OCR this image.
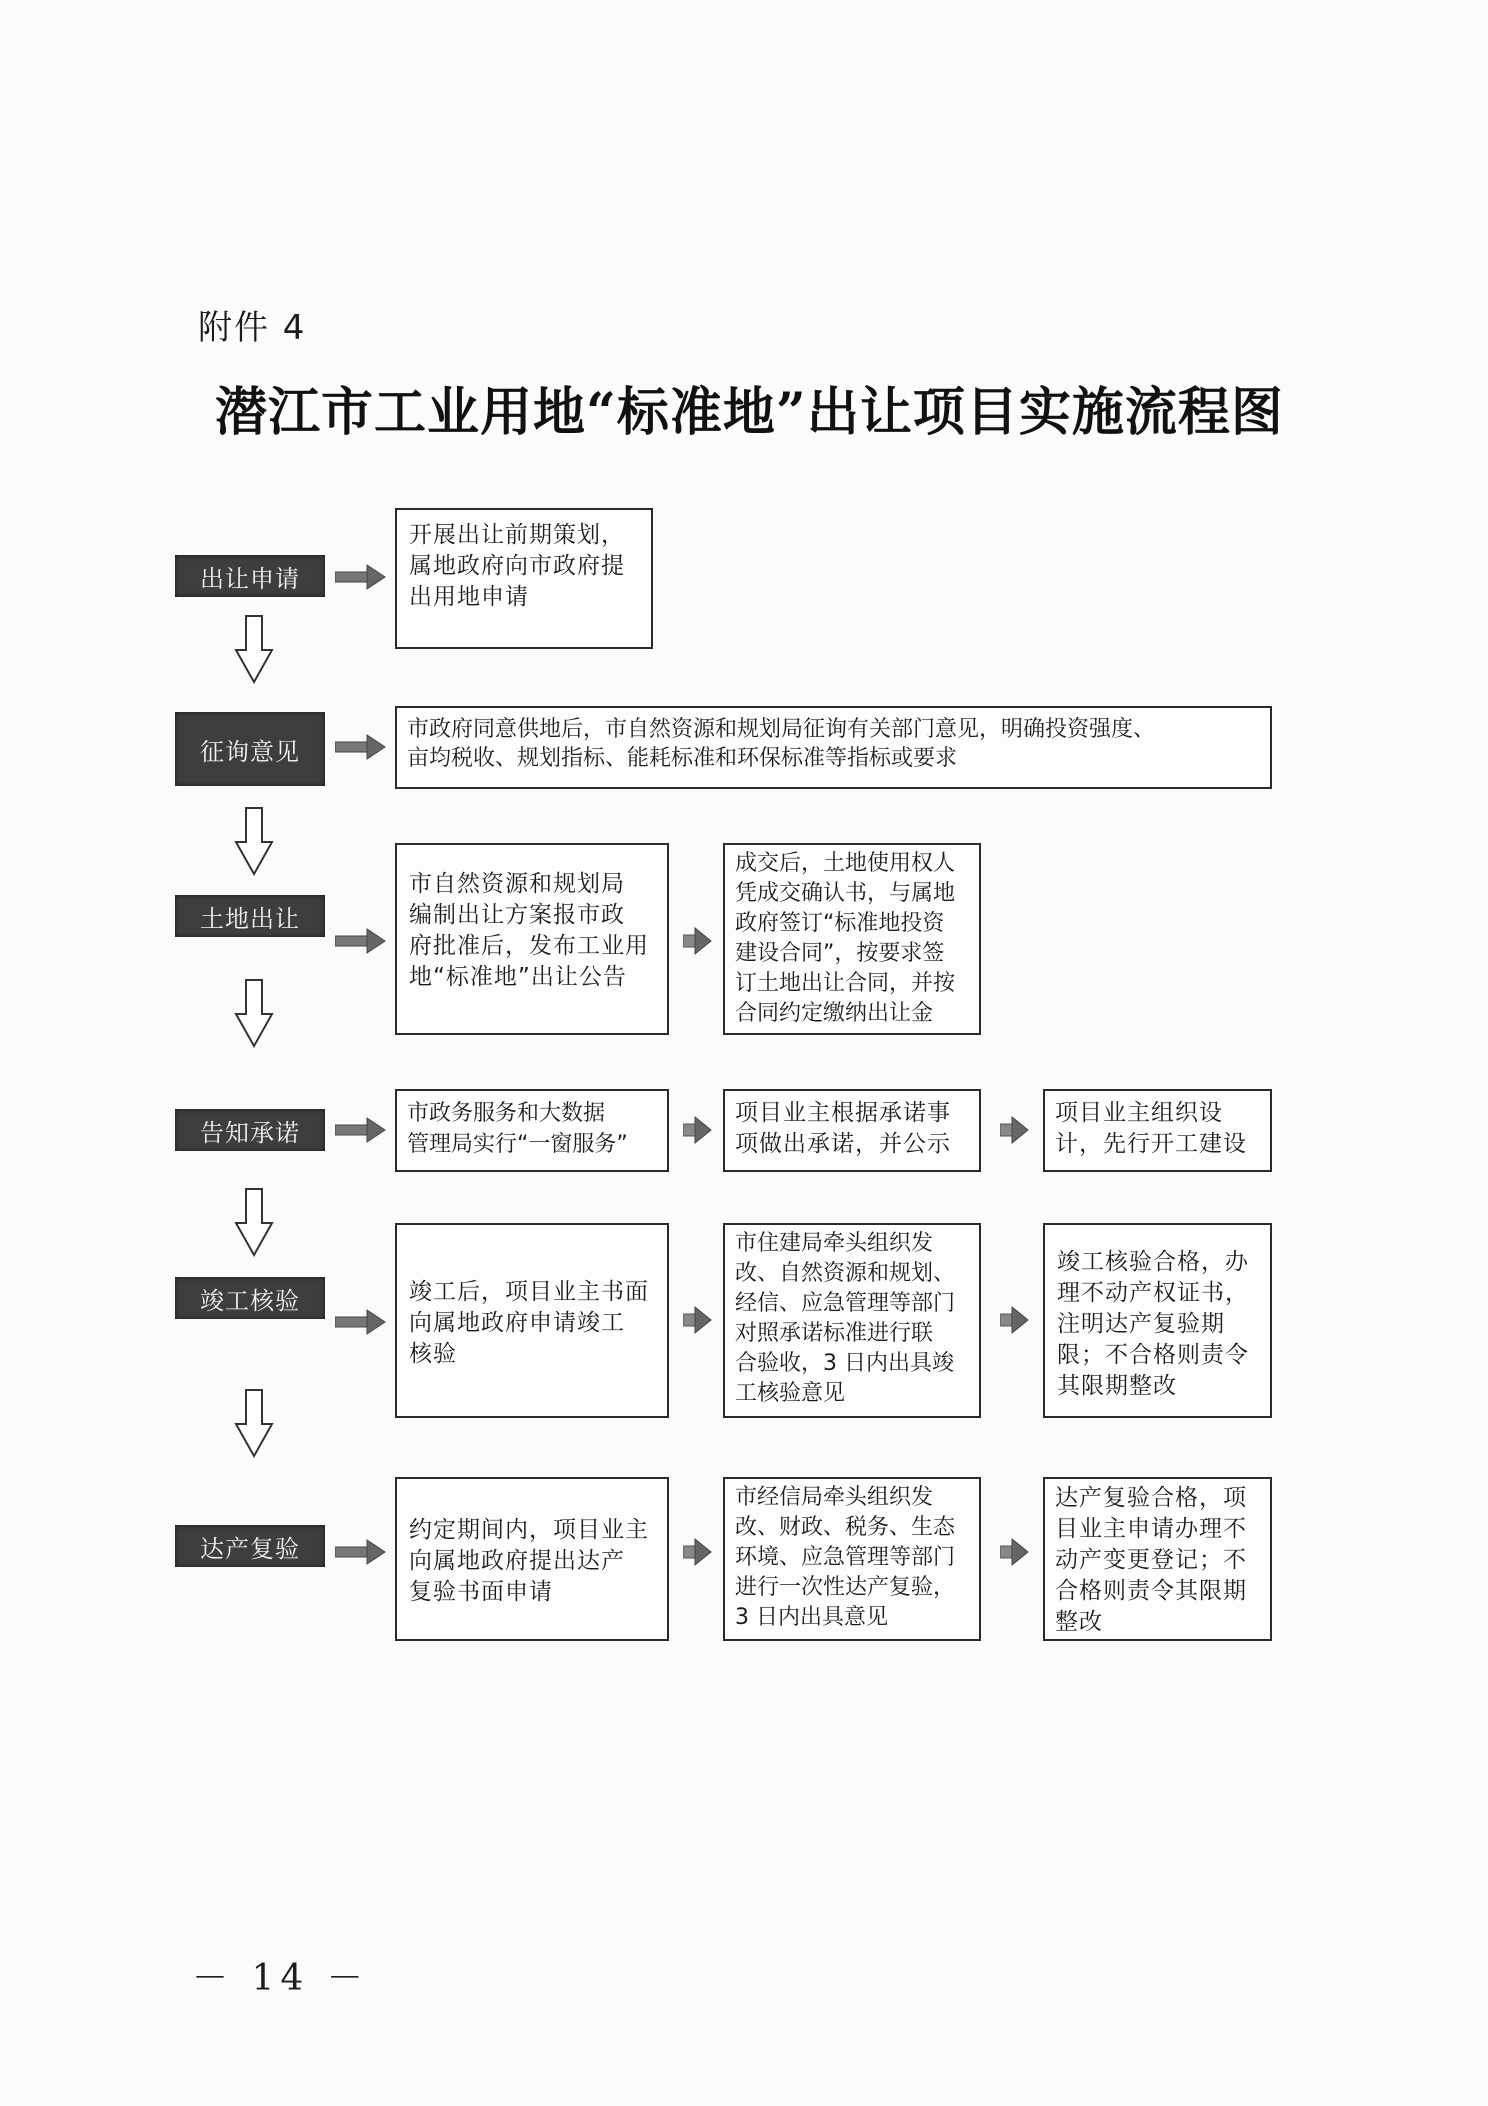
附件 4
潜江市工业用地“标准地”出让项目实施流程图
出让申请
开展出让前期策划，
属地政府向市政府提
出用地申请
征询意见
市政府同意供地后，市自然资源和规划局征询有关部门意见，明确投资强度、
亩均税收、规划指标、能耗标准和环保标准等指标或要求
土地出让
市自然资源和规划局
编制出让方案报市政
府批准后，发布工业用
地“标准地”出让公告
成交后，土地使用权人
凭成交确认书，与属地
政府签订“标准地投资
建设合同”，按要求签
订土地出让合同，并按
合同约定缴纳出让金
告知承诺
市政务服务和大数据
管理局实行“一窗服务”
项目业主根据承诺事
项做出承诺，并公示
项目业主组织设
计，先行开工建设
竣工核验	竣工后，项目业主书面
向属地政府申请竣工
核验
市住建局牵头组织发
改、自然资源和规划、
经信、应急管理等部门
对照承诺标准进行联
合验收，3 日内出具竣
工核验意见
竣工核验合格，办
理不动产权证书，
注明达产复验期
限；不合格则责令
其限期整改
达产复验
约定期间内，项目业主
向属地政府提出达产
复验书面申请
市经信局牵头组织发
改、财政、税务、生态
环境、应急管理等部门
进行一次性达产复验，
3 日内出具意见
达产复验合格，项
目业主申请办理不
动产变更登记；不
合格则责令其限期
整改
－ 14 －
